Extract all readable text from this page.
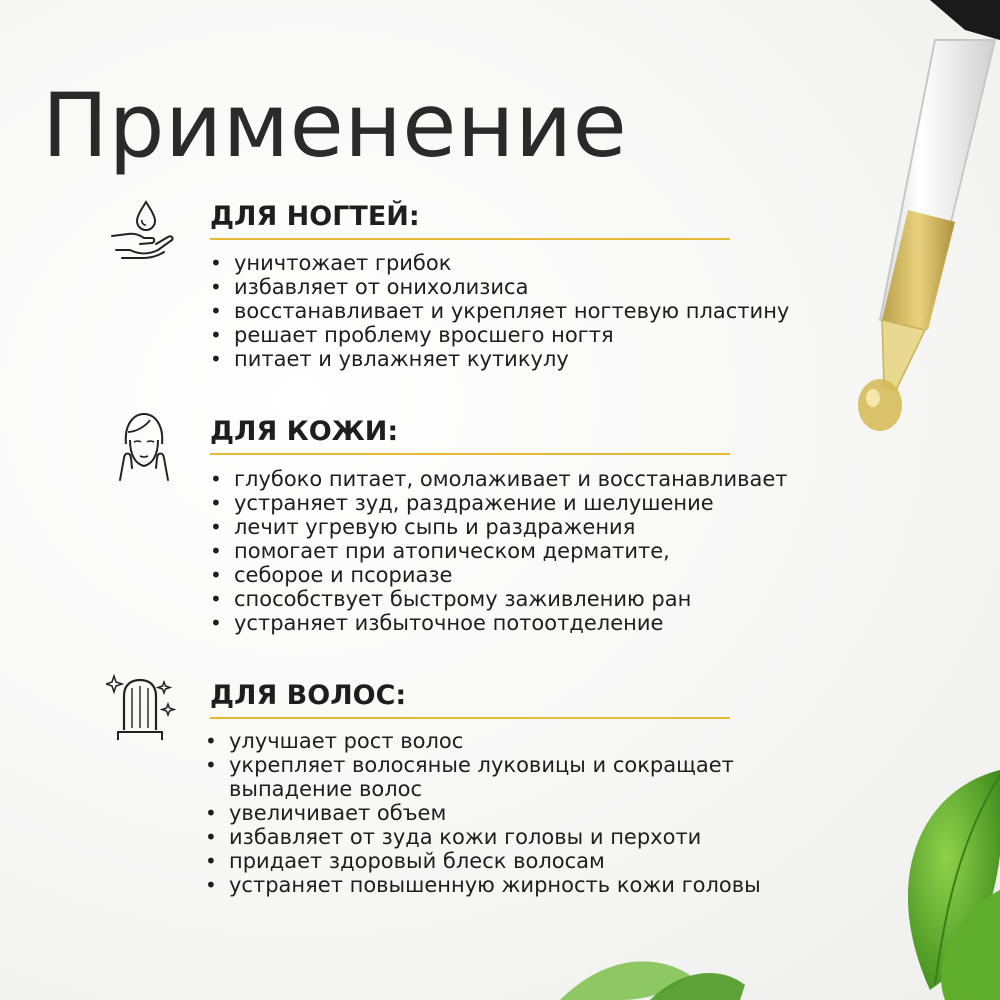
Применение
ДЛЯ НОГТЕЙ:
• уничтожает грибок
• избавляет от онихолизиса
• восстанавливает и укрепляет ногтевую пластину
• решает проблему вросшего ногтя
• питает и увлажняет кутикулу
ДЛЯ КОЖИ:
• глубоко питает, омолаживает и восстанавливает
• устраняет зуд, раздражение и шелушение
• лечит угревую сыпь и раздражения
• помогает при атопическом дерматите,
• себорое и псориазе
• способствует быстрому заживлению ран
• устраняет избыточное потоотделение
ДЛЯ ВОЛОС:
• улучшает рост волос
• укрепляет волосяные луковицы и сокращает выпадение волос
• увеличивает объем
• избавляет от зуда кожи головы и перхоти
• придает здоровый блеск волосам
• устраняет повышенную жирность кожи головы
